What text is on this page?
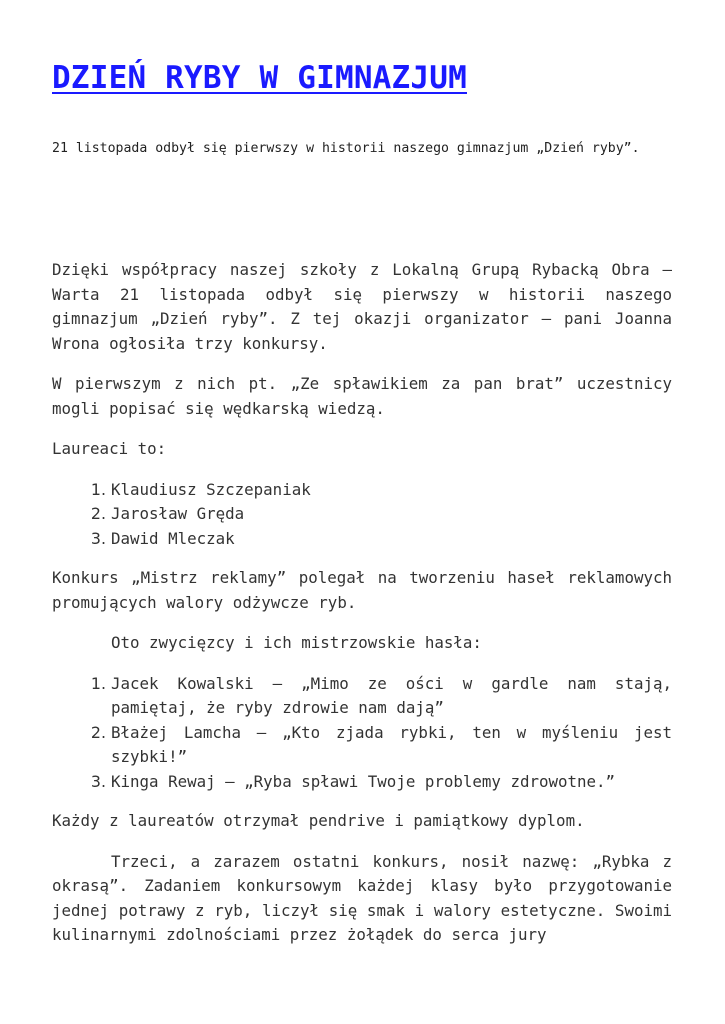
DZIEŃ RYBY W GIMNAZJUM

21 listopada odbył się pierwszy w historii naszego gimnazjum „Dzień ryby”.

Dzięki współpracy naszej szkoły z Lokalną Grupą Rybacką Obra – Warta 21 listopada odbył się pierwszy w historii naszego gimnazjum „Dzień ryby”. Z tej okazji organizator – pani Joanna Wrona ogłosiła trzy konkursy.

W pierwszym z nich pt. „Ze spławikiem za pan brat” uczestnicy mogli popisać się wędkarską wiedzą.

Laureaci to:

1. Klaudiusz Szczepaniak
2. Jarosław Gręda
3. Dawid Mleczak

Konkurs „Mistrz reklamy” polegał na tworzeniu haseł reklamowych promujących walory odżywcze ryb.

Oto zwycięzcy i ich mistrzowskie hasła:

1. Jacek Kowalski – „Mimo ze ości w gardle nam stają, pamiętaj, że ryby zdrowie nam dają”
2. Błażej Lamcha – „Kto zjada rybki, ten w myśleniu jest szybki!”
3. Kinga Rewaj – „Ryba spławi Twoje problemy zdrowotne.”

Każdy z laureatów otrzymał pendrive i pamiątkowy dyplom.

Trzeci, a zarazem ostatni konkurs, nosił nazwę: „Rybka z okrasą”. Zadaniem konkursowym każdej klasy było przygotowanie jednej potrawy z ryb, liczył się smak i walory estetyczne. Swoimi kulinarnymi zdolnościami przez żołądek do serca jury
